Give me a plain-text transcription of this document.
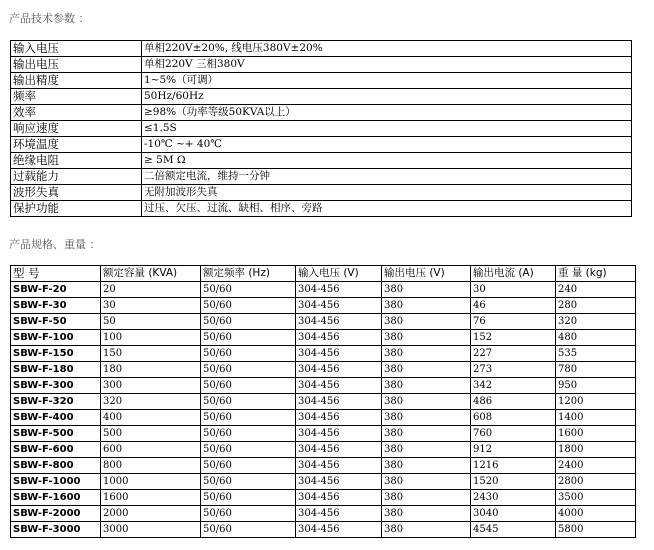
产品技术参数 ：
输入电压	单相220V±20%, 线电压380V±20%
输出电压	单相220V 三相380V
输出精度	1~5%（可调）
频率	50Hz/60Hz
效率	≥98%（功率等级50KVA以上）
响应速度	≤1.5S
环境温度	-10℃ ~+ 40℃
绝缘电阻	≥ 5M Ω
过载能力	二倍额定电流，维持一分钟
波形失真	无附加波形失真
保护功能	过压、欠压、过流、缺相、相序、旁路
产品规格、重量 ：
型 号	额定容量 (KVA)	额定频率 (Hz)	输入电压 (V)	输出电压 (V)	输出电流 (A)	重 量 (kg)
SBW-F-20	20	50/60	304-456	380	30	240
SBW-F-30	30	50/60	304-456	380	46	280
SBW-F-50	50	50/60	304-456	380	76	320
SBW-F-100	100	50/60	304-456	380	152	480
SBW-F-150	150	50/60	304-456	380	227	535
SBW-F-180	180	50/60	304-456	380	273	780
SBW-F-300	300	50/60	304-456	380	342	950
SBW-F-320	320	50/60	304-456	380	486	1200
SBW-F-400	400	50/60	304-456	380	608	1400
SBW-F-500	500	50/60	304-456	380	760	1600
SBW-F-600	600	50/60	304-456	380	912	1800
SBW-F-800	800	50/60	304-456	380	1216	2400
SBW-F-1000	1000	50/60	304-456	380	1520	2800
SBW-F-1600	1600	50/60	304-456	380	2430	3500
SBW-F-2000	2000	50/60	304-456	380	3040	4000
SBW-F-3000	3000	50/60	304-456	380	4545	5800
